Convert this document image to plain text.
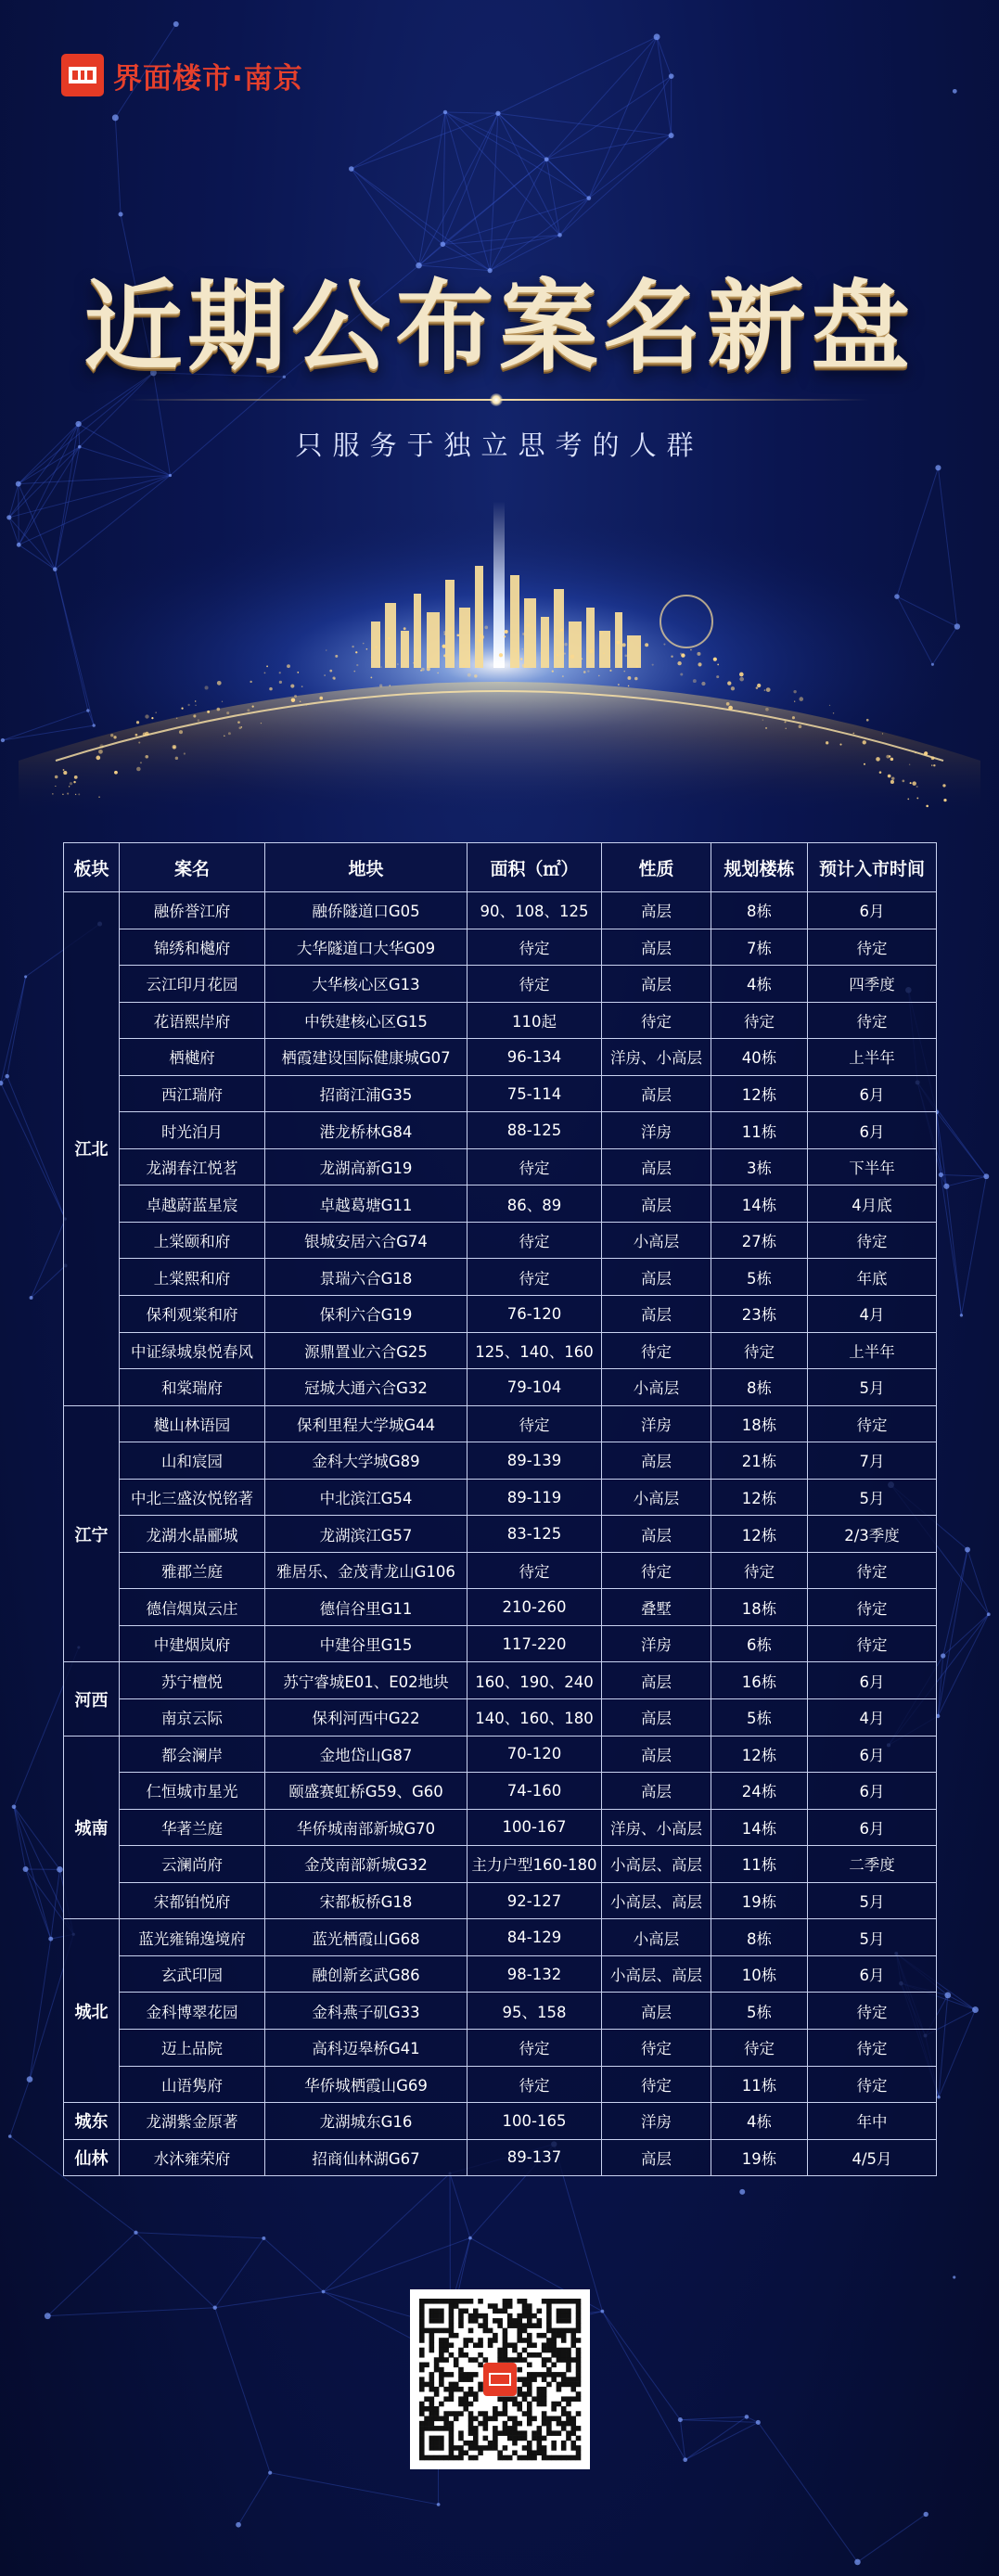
界面楼市·南京
近期公布案名新盘
只服务于独立思考的人群
板块	案名	地块	面积（㎡）	性质	规划楼栋	预计入市时间
江北	融侨誉江府	融侨隧道口G05	90、108、125	高层	8栋	6月
	锦绣和樾府	大华隧道口大华G09	待定	高层	7栋	待定
	云江印月花园	大华核心区G13	待定	高层	4栋	四季度
	花语熙岸府	中铁建核心区G15	110起	待定	待定	待定
	栖樾府	栖霞建设国际健康城G07	96-134	洋房、小高层	40栋	上半年
	西江瑞府	招商江浦G35	75-114	高层	12栋	6月
	时光泊月	港龙桥林G84	88-125	洋房	11栋	6月
	龙湖春江悦茗	龙湖高新G19	待定	高层	3栋	下半年
	卓越蔚蓝星宸	卓越葛塘G11	86、89	高层	14栋	4月底
	上棠颐和府	银城安居六合G74	待定	小高层	27栋	待定
	上棠熙和府	景瑞六合G18	待定	高层	5栋	年底
	保利观棠和府	保利六合G19	76-120	高层	23栋	4月
	中证绿城泉悦春风	源鼎置业六合G25	125、140、160	待定	待定	上半年
	和棠瑞府	冠城大通六合G32	79-104	小高层	8栋	5月
江宁	樾山林语园	保利里程大学城G44	待定	洋房	18栋	待定
	山和宸园	金科大学城G89	89-139	高层	21栋	7月
	中北三盛汝悦铭著	中北滨江G54	89-119	小高层	12栋	5月
	龙湖水晶郦城	龙湖滨江G57	83-125	高层	12栋	2/3季度
	雅郡兰庭	雅居乐、金茂青龙山G106	待定	待定	待定	待定
	德信烟岚云庄	德信谷里G11	210-260	叠墅	18栋	待定
	中建烟岚府	中建谷里G15	117-220	洋房	6栋	待定
河西	苏宁檀悦	苏宁睿城E01、E02地块	160、190、240	高层	16栋	6月
	南京云际	保利河西中G22	140、160、180	高层	5栋	4月
城南	都会澜岸	金地岱山G87	70-120	高层	12栋	6月
	仁恒城市星光	颐盛赛虹桥G59、G60	74-160	高层	24栋	6月
	华著兰庭	华侨城南部新城G70	100-167	洋房、小高层	14栋	6月
	云澜尚府	金茂南部新城G32	主力户型160-180	小高层、高层	11栋	二季度
	宋都铂悦府	宋都板桥G18	92-127	小高层、高层	19栋	5月
城北	蓝光雍锦逸境府	蓝光栖霞山G68	84-129	小高层	8栋	5月
	玄武印园	融创新玄武G86	98-132	小高层、高层	10栋	6月
	金科博翠花园	金科燕子矶G33	95、158	高层	5栋	待定
	迈上品院	高科迈皋桥G41	待定	待定	待定	待定
	山语隽府	华侨城栖霞山G69	待定	待定	11栋	待定
城东	龙湖紫金原著	龙湖城东G16	100-165	洋房	4栋	年中
仙林	水沐雍荣府	招商仙林湖G67	89-137	高层	19栋	4/5月
